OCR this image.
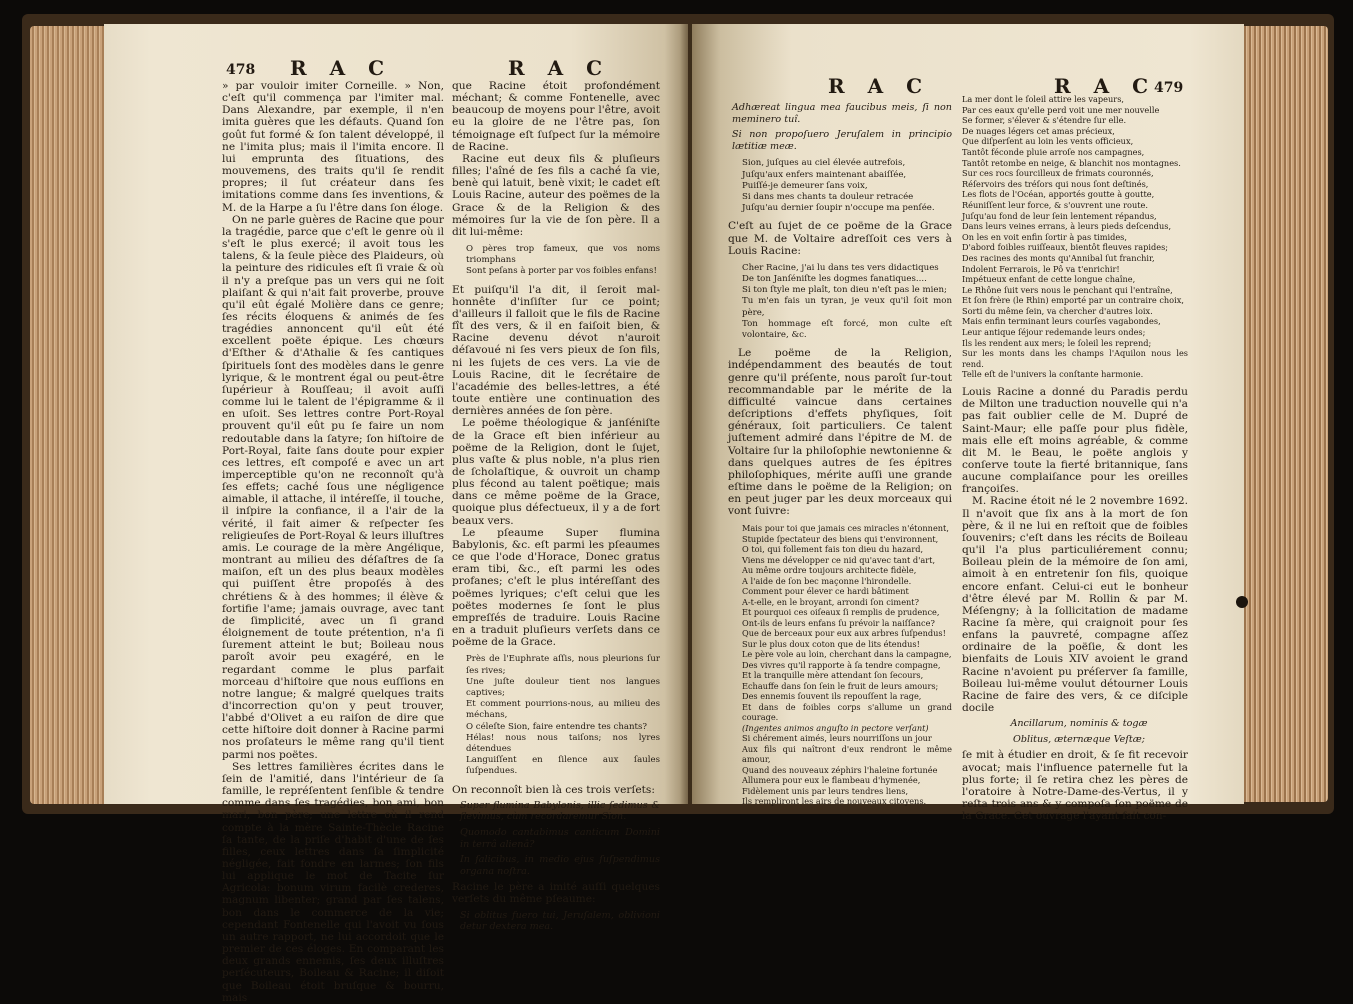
478 R A C	R A C

» par vouloir imiter Corneille. » Non, c'eſt qu'il commença par l'imiter mal. Dans Alexandre, par exemple, il n'en imita guères que les défauts. Quand ſon goût fut formé & ſon talent développé, il ne l'imita plus; mais il l'imita encore. Il lui emprunta des ſituations, des mouvemens, des traits qu'il ſe rendit propres; il ſut créateur dans ſes imitations comme dans ſes inventions, & M. de la Harpe a ſu l'être dans ſon éloge.

On ne parle guères de Racine que pour la tragédie, parce que c'eſt le genre où il s'eſt le plus exercé; il avoit tous les talens, & la ſeule pièce des Plaideurs, où la peinture des ridicules eſt ſi vraie & où il n'y a preſque pas un vers qui ne ſoit plaiſant & qui n'ait fait proverbe, prouve qu'il eût égalé Molière dans ce genre; ſes récits éloquens & animés de ſes tragédies annoncent qu'il eût été excellent poëte épique. Les chœurs d'Eſther & d'Athalie & ſes cantiques ſpirituels ſont des modèles dans le genre lyrique, & le montrent égal ou peut-être ſupérieur à Rouſſeau; il avoit auſſi comme lui le talent de l'épigramme & il en uſoit. Ses lettres contre Port-Royal prouvent qu'il eût pu ſe faire un nom redoutable dans la ſatyre; ſon hiſtoire de Port-Royal, faite ſans doute pour expier ces lettres, eſt compoſé e avec un art imperceptible qu'on ne reconnoît qu'à ſes effets; caché ſous une négligence aimable, il attache, il intéreſſe, il touche, il inſpire la confiance, il a l'air de la vérité, il fait aimer & reſpecter ſes religieuſes de Port-Royal & leurs illuſtres amis. Le courage de la mère Angélique, montrant au milieu des déſaſtres de ſa maiſon, eſt un des plus beaux modèles qui puiſſent être propoſés à des chrétiens & à des hommes; il élève & fortifie l'ame; jamais ouvrage, avec tant de ſimplicité, avec un ſi grand éloignement de toute prétention, n'a ſi ſurement atteint le but; Boileau nous paroît avoir peu exagéré, en le regardant comme le plus parfait morceau d'hiſtoire que nous euſſions en notre langue; & malgré quelques traits d'incorrection qu'on y peut trouver, l'abbé d'Olivet a eu raiſon de dire que cette hiſtoire doit donner à Racine parmi nos proſateurs le même rang qu'il tient parmi nos poëtes.

Ses lettres familières écrites dans le ſein de l'amitié, dans l'intérieur de ſa famille, le repréſentent ſenſible & tendre comme dans ſes tragédies, bon ami, bon mari, bon père; une lettre où il rend compte à la mère Sainte-Thècle Racine ſa tante, de la priſe d'habit d'une de ſes filles, ceux lettres dans ſa ſimplicité négligée, fait fondre en larmes; ſon fils lui applique le mot de Tacite ſur Agricola: bonum virum facilè crederes, magnum libenter; grand par ſes talens, bon dans le commerce de la vie; cependant Fontenelle qui l'avoit vu ſous un autre rapport, ne lui accordoit que le premier de ces éloges. En comparant les deux grands ennemis, ſes deux illuſtres perſécuteurs, Boileau & Racine; il diſoit que Boileau étoit bruſque & bourru, mais

que Racine étoit profondément méchant; & comme Fontenelle, avec beaucoup de moyens pour l'être, avoit eu la gloire de ne l'être pas, ſon témoignage eſt ſuſpect ſur la mémoire de Racine.

Racine eut deux fils & pluſieurs filles; l'aîné de ſes fils a caché ſa vie, benè qui latuit, benè vixit; le cadet eſt Louis Racine, auteur des poëmes de la Grace & de la Religion & des mémoires ſur la vie de ſon père. Il a dit lui-même:

O pères trop fameux, que vos noms triomphans
Sont peſans à porter par vos foibles enfans!

Et puiſqu'il l'a dit, il ſeroit mal-honnête d'inſiſter ſur ce point; d'ailleurs il falloit que le fils de Racine fît des vers, & il en faiſoit bien, & Racine devenu dévot n'auroit déſavoué ni ſes vers pieux de ſon fils, ni les ſujets de ces vers. La vie de Louis Racine, dit le ſecrétaire de l'académie des belles-lettres, a été toute entière une continuation des dernières années de ſon père.

Le poëme théologique & janſéniſte de la Grace eſt bien inférieur au poëme de la Religion, dont le ſujet, plus vaſte & plus noble, n'a plus rien de ſcholaſtique, & ouvroit un champ plus fécond au talent poëtique; mais dans ce même poëme de la Grace, quoique plus défectueux, il y a de fort beaux vers.

Le pſeaume Super flumina Babylonis, &c. eſt parmi les pſeaumes ce que l'ode d'Horace, Donec gratus eram tibi, &c., eſt parmi les odes profanes; c'eſt le plus intéreſſant des poëmes lyriques; c'eſt celui que les poëtes modernes ſe ſont le plus empreſſés de traduire. Louis Racine en a traduit pluſieurs verſets dans ce poëme de la Grace.

Près de l'Euphrate aſſis, nous pleurions ſur ſes rives;
Une juſte douleur tient nos langues captives;
Et comment pourrions-nous, au milieu des méchans,
O céleſte Sion, faire entendre tes chants?
Hélas! nous nous taiſons; nos lyres détendues
Languiſſent en ſilence aux ſaules ſuſpendues.

On reconnoît bien là ces trois verſets:

Super flumina Babylonis, illic ſedimus & flevimus, cùm recordaremur Sion.
Quomodo cantabimus canticum Domini in terrâ alienâ?
In ſalicibus, in medio ejus ſuſpendimus organa noſtra.

Racine le père a imité auſſi quelques verſets du même pſeaume:

Si oblitus fuero tui, Jeruſalem, oblivioni detur dextera mea.
R A C	R A C
479
Adhæreat lingua mea faucibus meis, ſi non meminero tuî.
Si non propoſuero Jeruſalem in principio lætitiæ meæ.
Sion, juſques au ciel élevée autrefois,
Juſqu'aux enfers maintenant abaiſſée,
Puiſſé-je demeurer ſans voix,
Si dans mes chants ta douleur retracée
Juſqu'au dernier ſoupir n'occupe ma penſée.

C'eſt au ſujet de ce poëme de la Grace que M. de Voltaire adreſſoit ces vers à Louis Racine:

Cher Racine, j'ai lu dans tes vers didactiques
De ton Janſéniſte les dogmes fanatiques....
Si ton ſtyle me plaît, ton dieu n'eſt pas le mien;
Tu m'en fais un tyran, je veux qu'il ſoit mon père,
Ton hommage eſt forcé, mon culte eſt volontaire, &c.

Le poëme de la Religion, indépendamment des beautés de tout genre qu'il préſente, nous paroît ſur-tout recommandable par le mérite de la difficulté vaincue dans certaines deſcriptions d'effets phyſiques, ſoit généraux, ſoit particuliers. Ce talent juſtement admiré dans l'épitre de M. de Voltaire ſur la philoſophie newtonienne & dans quelques autres de ſes épitres philoſophiques, mérite auſſi une grande eſtime dans le poëme de la Religion; on en peut juger par les deux morceaux qui vont ſuivre:

Mais pour toi que jamais ces miracles n'étonnent,
Stupide ſpectateur des biens qui t'environnent,
O toi, qui follement fais ton dieu du hazard,
Viens me développer ce nid qu'avec tant d'art,
Au même ordre toujours architecte fidèle,
A l'aide de ſon bec maçonne l'hirondelle.
Comment pour élever ce hardi bâtiment
A-t-elle, en le broyant, arrondi ſon ciment?
Et pourquoi ces oiſeaux ſi remplis de prudence,
Ont-ils de leurs enfans ſu prévoir la naiſſance?
Que de berceaux pour eux aux arbres ſuſpendus!
Sur le plus doux coton que de lits étendus!
Le père vole au loin, cherchant dans la campagne,
Des vivres qu'il rapporte à ſa tendre compagne,
Et la tranquille mère attendant ſon ſecours,
Echauffe dans ſon ſein le fruit de leurs amours;
Des ennemis ſouvent ils repouſſent la rage,
Et dans de foibles corps s'allume un grand courage.
(Ingentes animos anguſto in pectore verſant)
Si chérement aimés, leurs nourriſſons un jour
Aux fils qui naîtront d'eux rendront le même amour,
Quand des nouveaux zéphirs l'haleine fortunée
Allumera pour eux le flambeau d'hymenée,
Fidèlement unis par leurs tendres liens,
Ils rempliront les airs de nouveaux citoyens.
La mer dont le ſoleil attire les vapeurs,
Par ces eaux qu'elle perd voit une mer nouvelle
Se former, s'élever & s'étendre ſur elle.
De nuages légers cet amas précieux,
Que diſperſent au loin les vents officieux,
Tantôt féconde pluie arroſe nos campagnes,
Tantôt retombe en neige, & blanchit nos montagnes.
Sur ces rocs ſourcilleux de frimats couronnés,
Réſervoirs des tréſors qui nous ſont deſtinés,
Les flots de l'Océan, apportés goutte à goutte,
Réuniſſent leur force, & s'ouvrent une route.
Juſqu'au fond de leur ſein lentement répandus,
Dans leurs veines errans, à leurs pieds deſcendus,
On les en voit enfin ſortir à pas timides,
D'abord foibles ruiſſeaux, bientôt fleuves rapides;
Des racines des monts qu'Annibal ſut franchir,
Indolent Ferrarois, le Pô va t'enrichir!
Impétueux enfant de cette longue chaîne,
Le Rhône ſuit vers nous le penchant qui l'entraîne,
Et ſon frère (le Rhin) emporté par un contraire choix,
Sorti du même ſein, va chercher d'autres loix.
Mais enfin terminant leurs courſes vagabondes,
Leur antique ſéjour redemande leurs ondes;
Ils les rendent aux mers; le ſoleil les reprend;
Sur les monts dans les champs l'Aquilon nous les rend.
Telle eſt de l'univers la conſtante harmonie.

Louis Racine a donné du Paradis perdu de Milton une traduction nouvelle qui n'a pas fait oublier celle de M. Dupré de Saint-Maur; elle paſſe pour plus fidèle, mais elle eſt moins agréable, & comme dit M. le Beau, le poëte anglois y conſerve toute la fierté britannique, ſans aucune complaiſance pour les oreilles françoiſes.

M. Racine étoit né le 2 novembre 1692. Il n'avoit que ſix ans à la mort de ſon père, & il ne lui en reſtoit que de foibles ſouvenirs; c'eſt dans les récits de Boileau qu'il l'a plus particuliérement connu; Boileau plein de la mémoire de ſon ami, aimoit à en entretenir ſon fils, quoique encore enfant. Celui-ci eut le bonheur d'être élevé par M. Rollin & par M. Méſengny; à la ſollicitation de madame Racine ſa mère, qui craignoit pour ſes enfans la pauvreté, compagne aſſez ordinaire de la poëſie, & dont les bienfaits de Louis XIV avoient le grand Racine n'avoient pu préſerver ſa famille, Boileau lui-même voulut détourner Louis Racine de faire des vers, & ce diſciple docile

Ancillarum, nominis & togæ
Oblitus, æternæque Veſtæ;

ſe mit à étudier en droit, & ſe fit recevoir avocat; mais l'influence paternelle fut la plus forte; il ſe retira chez les pères de l'oratoire à Notre-Dame-des-Vertus, il y reſta trois ans & y compoſa ſon poëme de la Grace. Cet ouvrage l'ayant fait con-
